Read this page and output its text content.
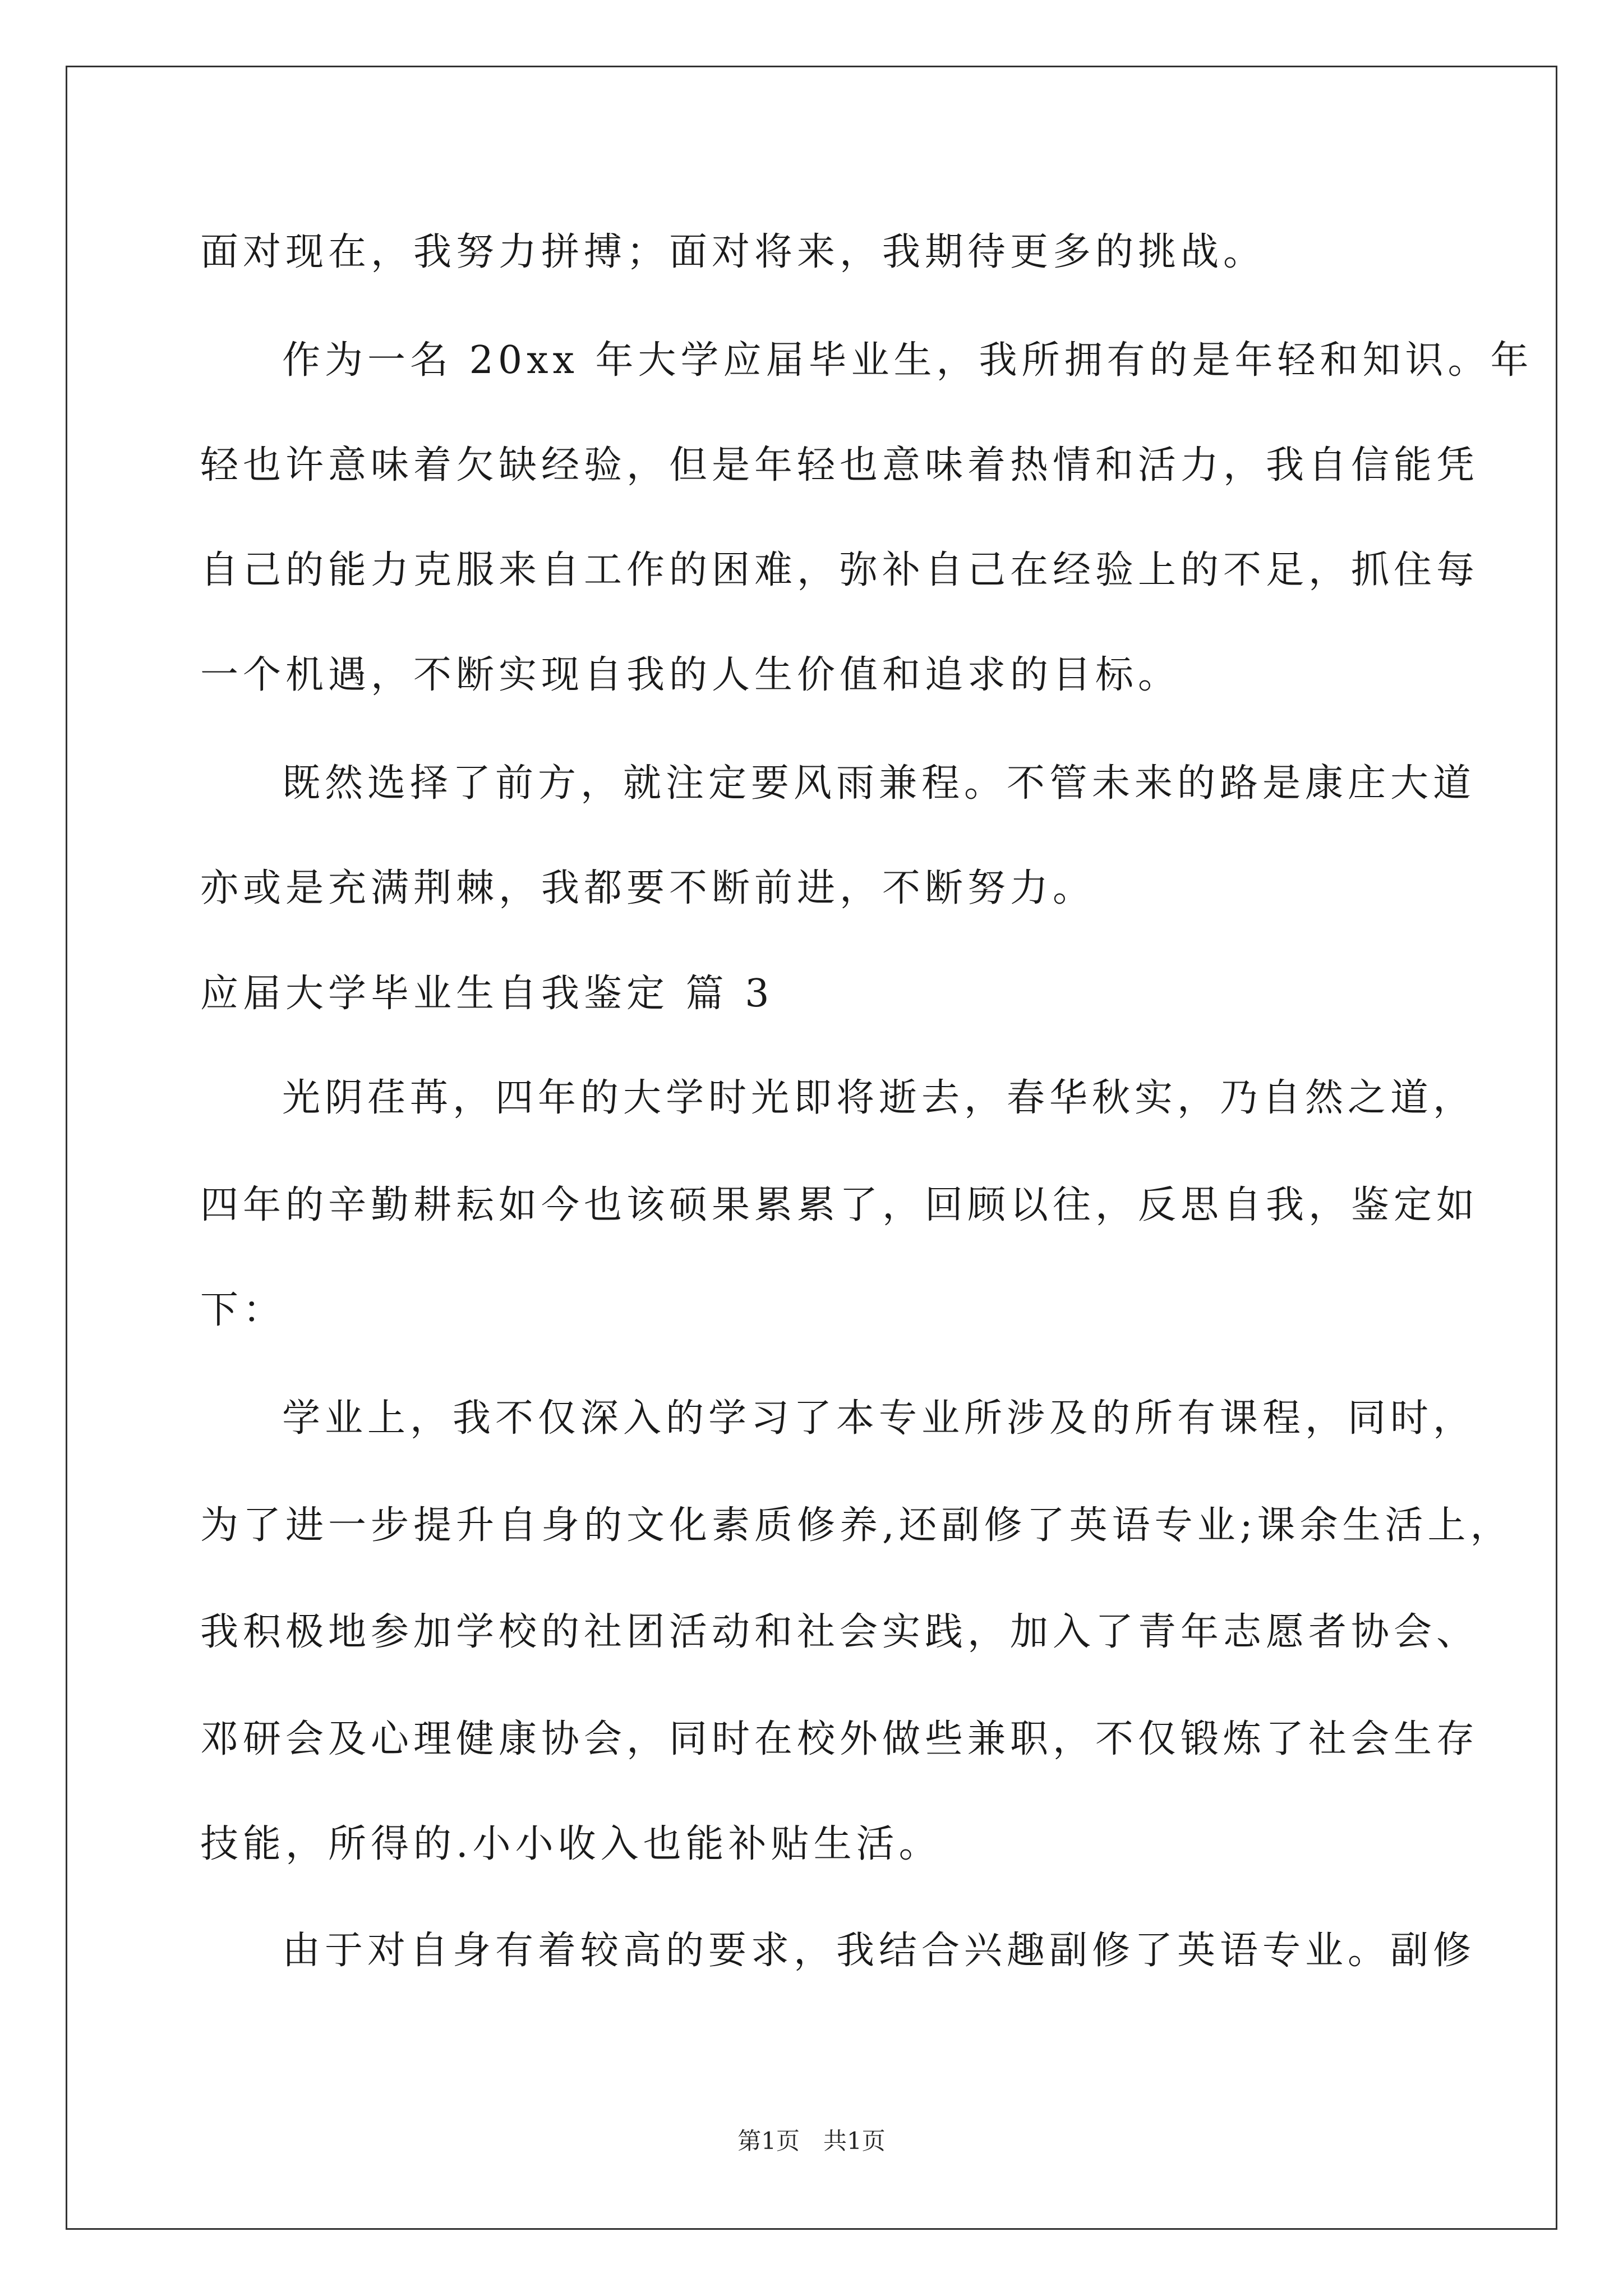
面对现在，我努力拼搏；面对将来，我期待更多的挑战。
作为一名 20xx 年大学应届毕业生，我所拥有的是年轻和知识。年
轻也许意味着欠缺经验，但是年轻也意味着热情和活力，我自信能凭
自己的能力克服来自工作的困难，弥补自己在经验上的不足，抓住每
一个机遇，不断实现自我的人生价值和追求的目标。
既然选择了前方，就注定要风雨兼程。不管未来的路是康庄大道
亦或是充满荆棘，我都要不断前进，不断努力。
应届大学毕业生自我鉴定 篇 3
光阴荏苒，四年的大学时光即将逝去，春华秋实，乃自然之道，
四年的辛勤耕耘如今也该硕果累累了，回顾以往，反思自我，鉴定如
下：
学业上，我不仅深入的学习了本专业所涉及的所有课程，同时，
为了进一步提升自身的文化素质修养,还副修了英语专业;课余生活上，
我积极地参加学校的社团活动和社会实践，加入了青年志愿者协会、
邓研会及心理健康协会，同时在校外做些兼职，不仅锻炼了社会生存
技能，所得的.小小收入也能补贴生活。
由于对自身有着较高的要求，我结合兴趣副修了英语专业。副修
第1页　共1页
